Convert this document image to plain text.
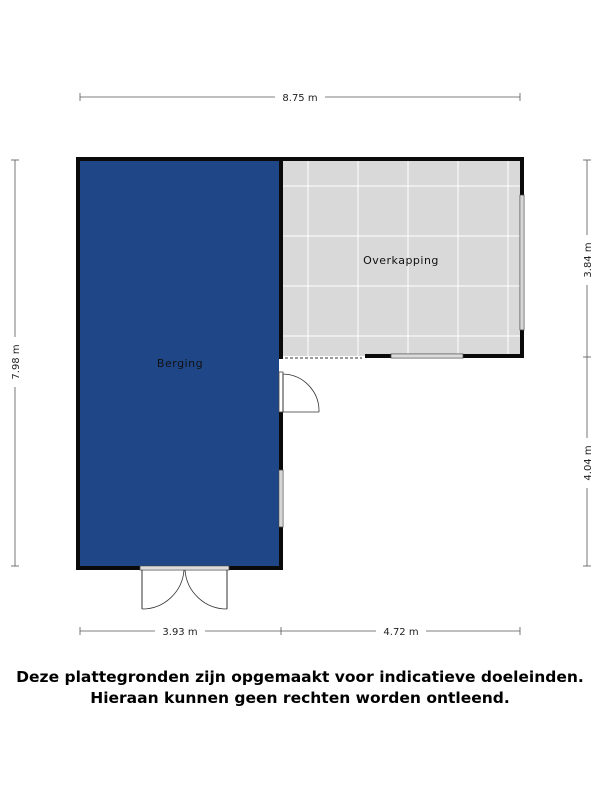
8.75 m
7.98 m
3.84 m
4.04 m
3.93 m	4.72 m
Berging
Overkapping
Deze plattegronden zijn opgemaakt voor indicatieve doeleinden.
Hieraan kunnen geen rechten worden ontleend.
